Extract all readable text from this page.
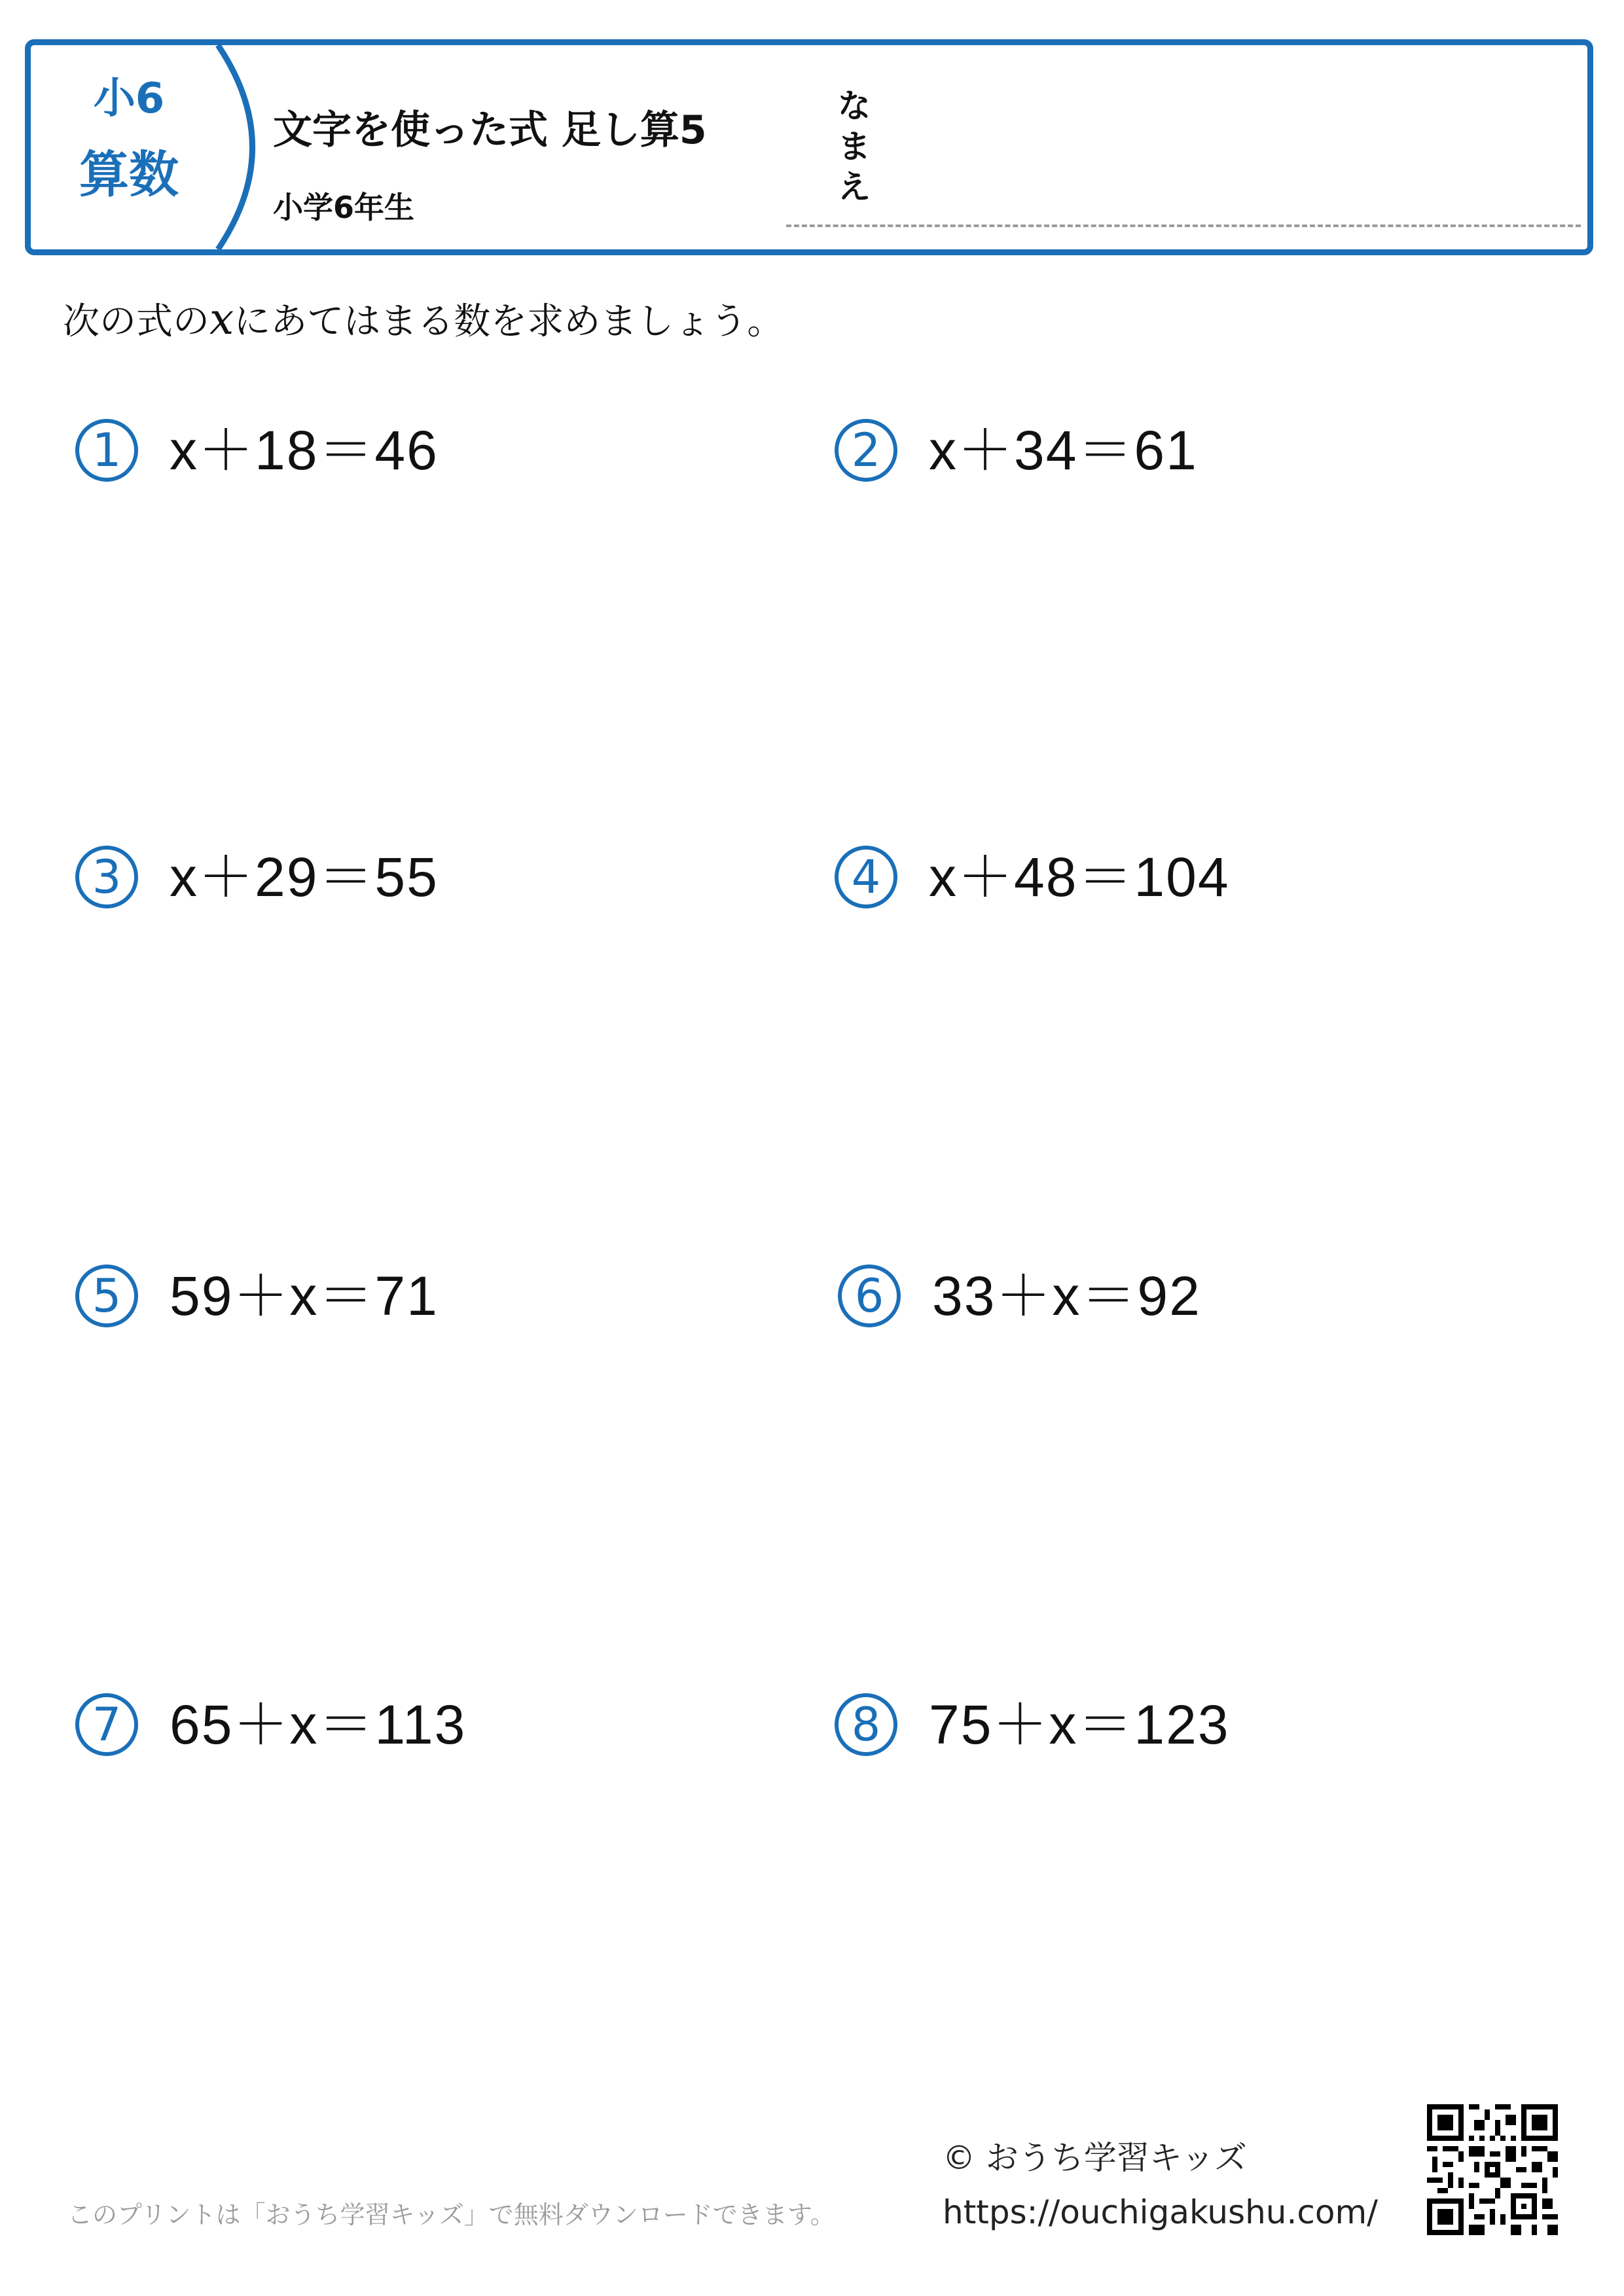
小6
算数
文字を使った式 足し算5
小学6年生
なまえ
次の式のxにあてはまる数を求めましょう。
1 x＋18＝46	2 x＋34＝61
3 x＋29＝55	4 x＋48＝104
5 59＋x＝71	6 33＋x＝92
7 65＋x＝113	8 75＋x＝123
このプリントは「おうち学習キッズ」で無料ダウンロードできます。
© おうち学習キッズ
https://ouchigakushu.com/
